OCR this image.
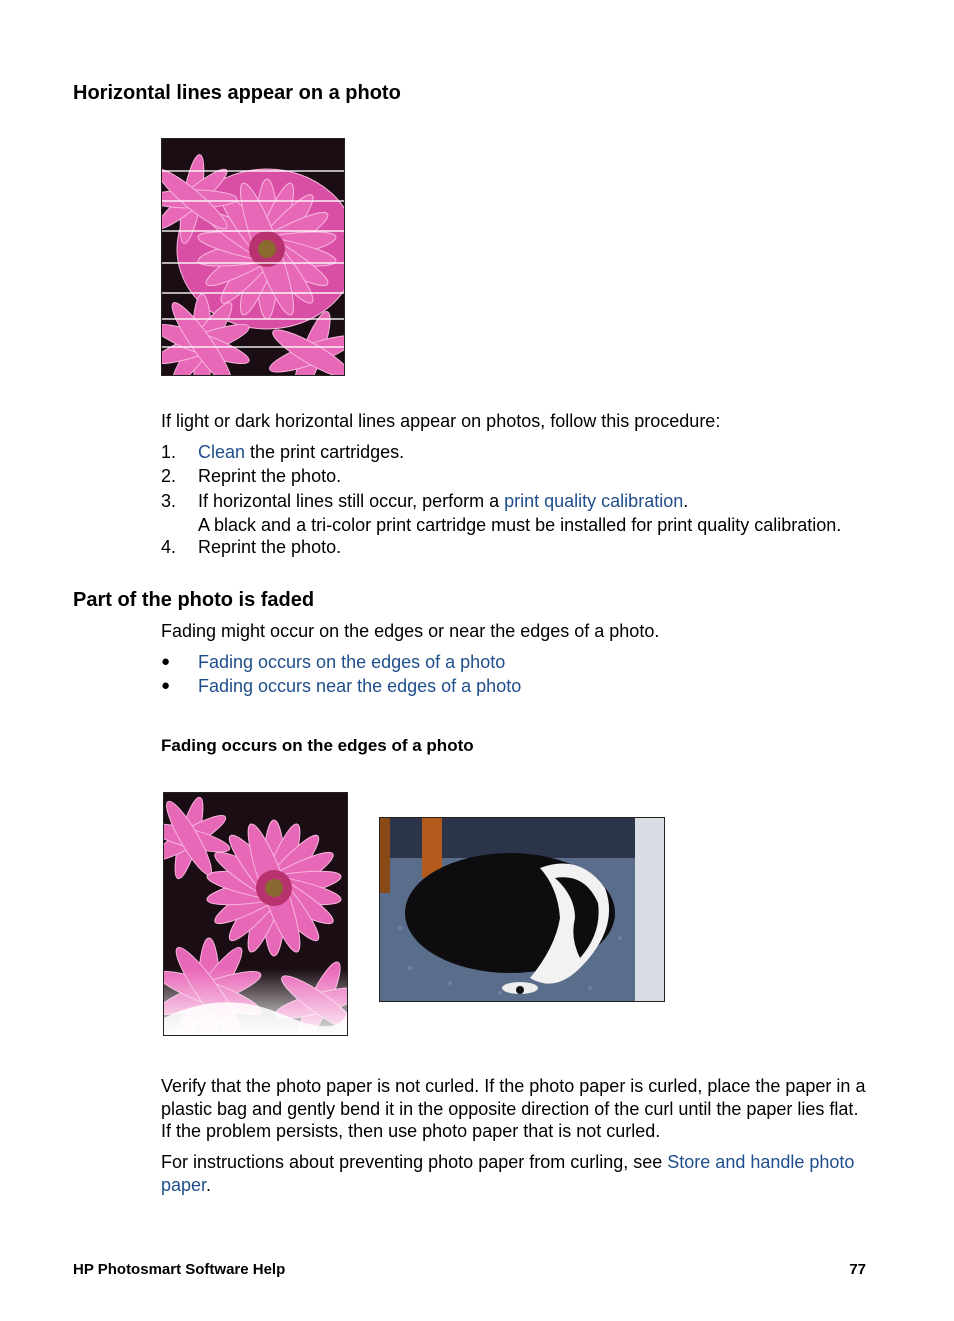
Horizontal lines appear on a photo
If light or dark horizontal lines appear on photos, follow this procedure:
1.	Clean the print cartridges.
2.	Reprint the photo.
3.	If horizontal lines still occur, perform a print quality calibration.
A black and a tri-color print cartridge must be installed for print quality calibration.
4.	Reprint the photo.
Part of the photo is faded
Fading might occur on the edges or near the edges of a photo.
●	Fading occurs on the edges of a photo
●	Fading occurs near the edges of a photo
Fading occurs on the edges of a photo
Verify that the photo paper is not curled. If the photo paper is curled, place the paper in a plastic bag and gently bend it in the opposite direction of the curl until the paper lies flat. If the problem persists, then use photo paper that is not curled.
For instructions about preventing photo paper from curling, see Store and handle photo paper.
HP Photosmart Software Help	77
